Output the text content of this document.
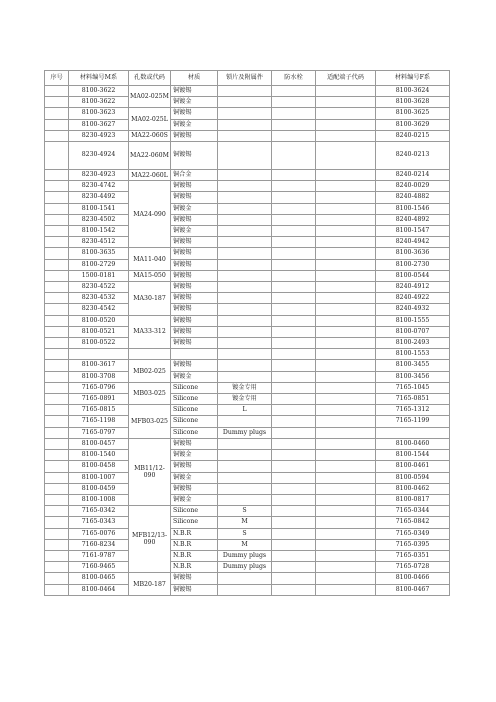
序号	材料编号M系	孔数或代码	材质	锁片及附属件	防水栓	适配端子代码	材料编号F系
	8100-3622	MA02-025M	铜镀锡				8100-3624
	8100-3622		铜镀金				8100-3628
	8100-3623	MA02-025L	铜镀锡				8100-3625
	8100-3627		铜镀金				8100-3629
	8230-4923	MA22-060S	铜镀锡				8240-0215
	8230-4924	MA22-060M	铜镀锡				8240-0213
	8230-4923	MA22-060L	铜合金				8240-0214
	8230-4742	MA24-090	铜镀锡				8240-0029
	8230-4492		铜镀锡				8240-4882
	8100-1541		铜镀金				8100-1546
	8230-4502		铜镀锡				8240-4892
	8100-1542		铜镀金				8100-1547
	8230-4512		铜镀锡				8240-4942
	8100-3635	MA11-040	铜镀锡				8100-3636
	8100-2729		铜镀锡				8100-2730
	1500-0181	MA15-050	铜镀锡				8100-0544
	8230-4522	MA30-187	铜镀锡				8240-4912
	8230-4532		铜镀锡				8240-4922
	8230-4542		铜镀锡				8240-4932
	8100-0520	MA33-312	铜镀锡				8100-1555
	8100-0521		铜镀锡				8100-0707
	8100-0522		铜镀锡				8100-2493
							8100-1553
	8100-3617	MB02-025	铜镀锡				8100-3455
	8100-3708		铜镀金				8100-3456
	7165-0796	MB03-025	Silicone	镀金专用			7165-1045
	7165-0891		Silicone	镀金专用			7165-0851
	7165-0815	MFB03-025	Silicone	L			7165-1312
	7165-1198		Silicone				7165-1199
	7165-0797		Silicone	Dummy plugs			
	8100-0457	MB11/12-090	铜镀锡				8100-0460
	8100-1540		铜镀金				8100-1544
	8100-0458		铜镀锡				8100-0461
	8100-1007		铜镀金				8100-0594
	8100-0459		铜镀锡				8100-0462
	8100-1008		铜镀金				8100-0817
	7165-0342	MFB12/13-090	Silicone	S			7165-0344
	7165-0343		Silicone	M			7165-0842
	7165-0076		N.B.R	S			7165-0349
	7160-8234		N.B.R	M			7165-0395
	7161-9787		N.B.R	Dummy plugs			7165-0351
	7160-9465		N.B.R	Dummy plugs			7165-0728
	8100-0465	MB20-187	铜镀锡				8100-0466
	8100-0464		铜镀锡				8100-0467
